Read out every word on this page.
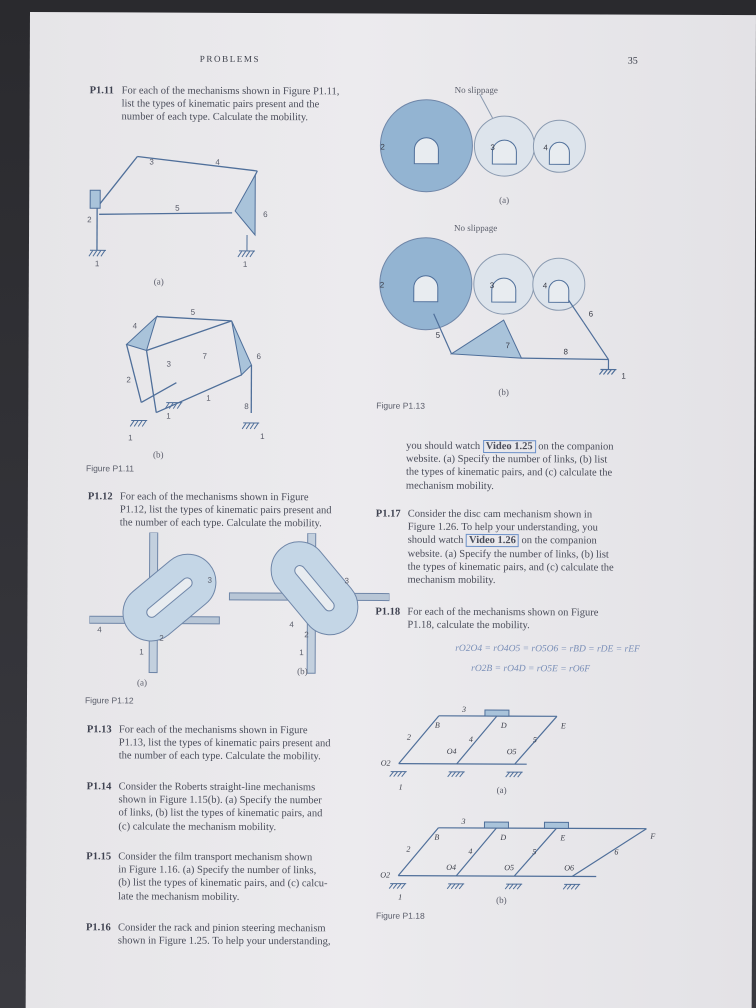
PROBLEMS	35
P1.11 For each of the mechanisms shown in Figure P1.11,
list the types of kinematic pairs present and the
number of each type. Calculate the mobility.
3	4
5
6
2
1	1
(a)
5
4
7	6
3
2
1
8
1
1	1
(b)
Figure P1.11
P1.12 For each of the mechanisms shown in Figure
P1.12, list the types of kinematic pairs present and
the number of each type. Calculate the mobility.
3
4
2
1
3
4
2
1
(a)
(b)
Figure P1.12
P1.13 For each of the mechanisms shown in Figure
P1.13, list the types of kinematic pairs present and
the number of each type. Calculate the mobility.
P1.14 Consider the Roberts straight-line mechanisms
shown in Figure 1.15(b). (a) Specify the number
of links, (b) list the types of kinematic pairs, and
(c) calculate the mechanism mobility.
P1.15 Consider the film transport mechanism shown
in Figure 1.16. (a) Specify the number of links,
(b) list the types of kinematic pairs, and (c) calcu-
late the mechanism mobility.
P1.16 Consider the rack and pinion steering mechanism
shown in Figure 1.25. To help your understanding,
No slippage
2	3	4
(a)
No slippage
2	3	4
5
6
7
8
1
(b)
Figure P1.13
you should watch Video 1.25 on the companion
website. (a) Specify the number of links, (b) list
the types of kinematic pairs, and (c) calculate the
mechanism mobility.
P1.17 Consider the disc cam mechanism shown in
Figure 1.26. To help your understanding, you
should watch Video 1.26 on the companion
website. (a) Specify the number of links, (b) list
the types of kinematic pairs, and (c) calculate the
mechanism mobility.
P1.18 For each of the mechanisms shown on Figure
P1.18, calculate the mobility.
rO2O4 = rO4O5 = rO5O6 = rBD = rDE = rEF
rO2B = rO4D = rO5E = rO6F
3
B	D	E
2	4	5
O2
O4	O5
1	(a)
3
B	D	E	F
2	4	5	6
O2
O4	O5	O6
1	(b)
Figure P1.18
